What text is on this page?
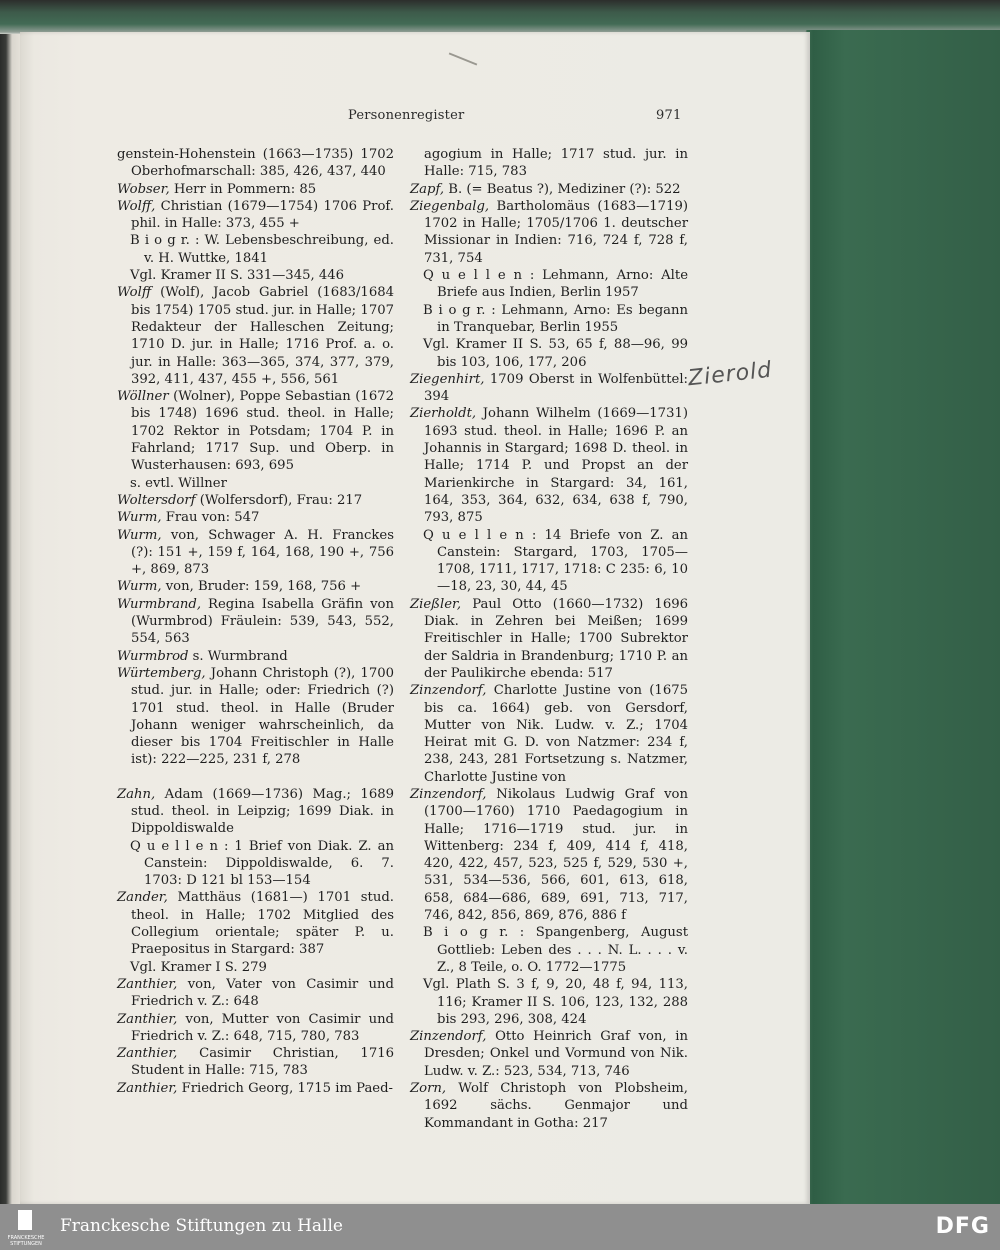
Personenregister	971

genstein-Hohenstein (1663—1735) 1702 Oberhofmarschall: 385, 426, 437, 440

Wobser, Herr in Pommern: 85

Wolff, Christian (1679—1754) 1706 Prof. phil. in Halle: 373, 455 +

B i o g r. : W. Lebensbeschreibung, ed. v. H. Wuttke, 1841

Vgl. Kramer II S. 331—345, 446

Wolff (Wolf), Jacob Gabriel (1683/1684 bis 1754) 1705 stud. jur. in Halle; 1707 Redakteur der Halleschen Zeitung; 1710 D. jur. in Halle; 1716 Prof. a. o. jur. in Halle: 363—365, 374, 377, 379, 392, 411, 437, 455 +, 556, 561

Wöllner (Wolner), Poppe Sebastian (1672 bis 1748) 1696 stud. theol. in Halle; 1702 Rektor in Potsdam; 1704 P. in Fahrland; 1717 Sup. und Oberp. in Wusterhausen: 693, 695

s. evtl. Willner

Woltersdorf (Wolfersdorf), Frau: 217

Wurm, Frau von: 547

Wurm, von, Schwager A. H. Franckes (?): 151 +, 159 f, 164, 168, 190 +, 756 +, 869, 873

Wurm, von, Bruder: 159, 168, 756 +

Wurmbrand, Regina Isabella Gräfin von (Wurmbrod) Fräulein: 539, 543, 552, 554, 563

Wurmbrod s. Wurmbrand

Würtemberg, Johann Christoph (?), 1700 stud. jur. in Halle; oder: Friedrich (?) 1701 stud. theol. in Halle (Bruder Johann weniger wahrscheinlich, da dieser bis 1704 Freitischler in Halle ist): 222—225, 231 f, 278

Zahn, Adam (1669—1736) Mag.; 1689 stud. theol. in Leipzig; 1699 Diak. in Dippoldiswalde

Q u e l l e n : 1 Brief von Diak. Z. an Canstein: Dippoldiswalde, 6. 7. 1703: D 121 bl 153—154

Zander, Matthäus (1681—) 1701 stud. theol. in Halle; 1702 Mitglied des Collegium orientale; später P. u. Praepositus in Stargard: 387

Vgl. Kramer I S. 279

Zanthier, von, Vater von Casimir und Friedrich v. Z.: 648

Zanthier, von, Mutter von Casimir und Friedrich v. Z.: 648, 715, 780, 783

Zanthier, Casimir Christian, 1716 Student in Halle: 715, 783

Zanthier, Friedrich Georg, 1715 im Paed-

agogium in Halle; 1717 stud. jur. in Halle: 715, 783

Zapf, B. (= Beatus ?), Mediziner (?): 522

Ziegenbalg, Bartholomäus (1683—1719) 1702 in Halle; 1705/1706 1. deutscher Missionar in Indien: 716, 724 f, 728 f, 731, 754

Q u e l l e n : Lehmann, Arno: Alte Briefe aus Indien, Berlin 1957

B i o g r. : Lehmann, Arno: Es begann in Tranquebar, Berlin 1955

Vgl. Kramer II S. 53, 65 f, 88—96, 99 bis 103, 106, 177, 206

Ziegenhirt, 1709 Oberst in Wolfenbüttel: 394

Zierholdt, Johann Wilhelm (1669—1731) 1693 stud. theol. in Halle; 1696 P. an Johannis in Stargard; 1698 D. theol. in Halle; 1714 P. und Propst an der Marienkirche in Stargard: 34, 161, 164, 353, 364, 632, 634, 638 f, 790, 793, 875

Q u e l l e n : 14 Briefe von Z. an Canstein: Stargard, 1703, 1705—1708, 1711, 1717, 1718: C 235: 6, 10—18, 23, 30, 44, 45

Zießler, Paul Otto (1660—1732) 1696 Diak. in Zehren bei Meißen; 1699 Freitischler in Halle; 1700 Subrektor der Saldria in Brandenburg; 1710 P. an der Paulikirche ebenda: 517

Zinzendorf, Charlotte Justine von (1675 bis ca. 1664) geb. von Gersdorf, Mutter von Nik. Ludw. v. Z.; 1704 Heirat mit G. D. von Natzmer: 234 f, 238, 243, 281 Fortsetzung s. Natzmer, Charlotte Justine von

Zinzendorf, Nikolaus Ludwig Graf von (1700—1760) 1710 Paedagogium in Halle; 1716—1719 stud. jur. in Wittenberg: 234 f, 409, 414 f, 418, 420, 422, 457, 523, 525 f, 529, 530 +, 531, 534—536, 566, 601, 613, 618, 658, 684—686, 689, 691, 713, 717, 746, 842, 856, 869, 876, 886 f

B i o g r. : Spangenberg, August Gottlieb: Leben des . . . N. L. . . . v. Z., 8 Teile, o. O. 1772—1775

Vgl. Plath S. 3 f, 9, 20, 48 f, 94, 113, 116; Kramer II S. 106, 123, 132, 288 bis 293, 296, 308, 424

Zinzendorf, Otto Heinrich Graf von, in Dresden; Onkel und Vormund von Nik. Ludw. v. Z.: 523, 534, 713, 746

Zorn, Wolf Christoph von Plobsheim, 1692 sächs. Genmajor und Kommandant in Gotha: 217

Zierold
FRANCKESCHE
STIFTUNGEN
Franckesche Stiftungen zu Halle	DFG
